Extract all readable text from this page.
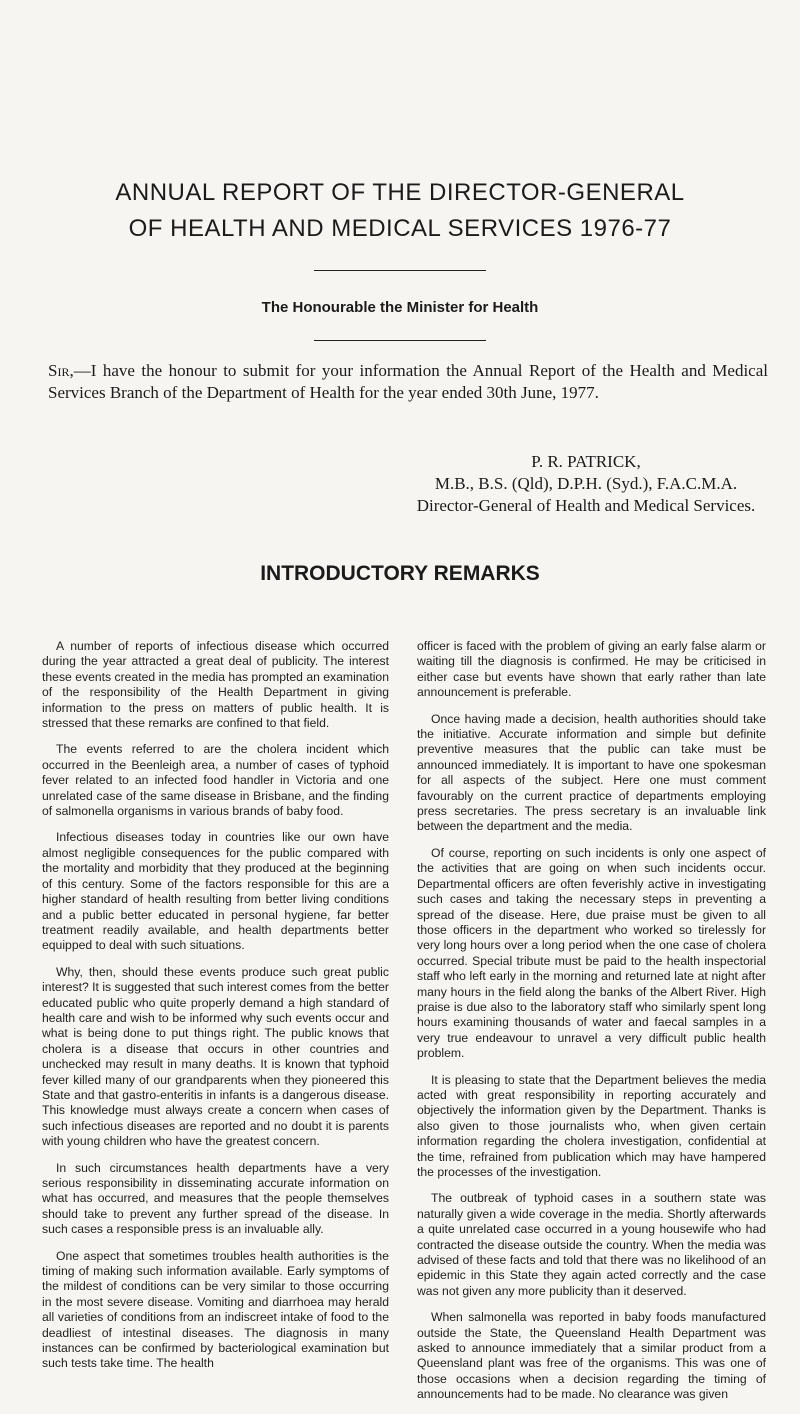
ANNUAL REPORT OF THE DIRECTOR-GENERAL
OF HEALTH AND MEDICAL SERVICES 1976-77
The Honourable the Minister for Health

Sir,—I have the honour to submit for your information the Annual Report of the Health and Medical Services Branch of the Department of Health for the year ended 30th June, 1977.

P. R. PATRICK,
M.B., B.S. (Qld), D.P.H. (Syd.), F.A.C.M.A.
Director-General of Health and Medical Services.
INTRODUCTORY REMARKS

A number of reports of infectious disease which occurred during the year attracted a great deal of publicity. The interest these events created in the media has prompted an examination of the responsibility of the Health Department in giving information to the press on matters of public health. It is stressed that these remarks are confined to that field.

The events referred to are the cholera incident which occurred in the Beenleigh area, a number of cases of typhoid fever related to an infected food handler in Victoria and one unrelated case of the same disease in Brisbane, and the finding of salmonella organisms in various brands of baby food.

Infectious diseases today in countries like our own have almost negligible consequences for the public compared with the mortality and morbidity that they produced at the beginning of this century. Some of the factors responsible for this are a higher standard of health resulting from better living conditions and a public better educated in personal hygiene, far better treatment readily available, and health departments better equipped to deal with such situations.

Why, then, should these events produce such great public interest? It is suggested that such interest comes from the better educated public who quite properly demand a high standard of health care and wish to be informed why such events occur and what is being done to put things right. The public knows that cholera is a disease that occurs in other countries and unchecked may result in many deaths. It is known that typhoid fever killed many of our grandparents when they pioneered this State and that gastro-enteritis in infants is a dangerous disease. This knowledge must always create a concern when cases of such infectious diseases are reported and no doubt it is parents with young children who have the greatest concern.

In such circumstances health departments have a very serious responsibility in disseminating accurate information on what has occurred, and measures that the people themselves should take to prevent any further spread of the disease. In such cases a responsible press is an invaluable ally.

One aspect that sometimes troubles health authorities is the timing of making such information available. Early symptoms of the mildest of conditions can be very similar to those occurring in the most severe disease. Vomiting and diarrhoea may herald all varieties of conditions from an indiscreet intake of food to the deadliest of intestinal diseases. The diagnosis in many instances can be confirmed by bacteriological examination but such tests take time. The health

officer is faced with the problem of giving an early false alarm or waiting till the diagnosis is confirmed. He may be criticised in either case but events have shown that early rather than late announcement is preferable.

Once having made a decision, health authorities should take the initiative. Accurate information and simple but definite preventive measures that the public can take must be announced immediately. It is important to have one spokesman for all aspects of the subject. Here one must comment favourably on the current practice of departments employing press secretaries. The press secretary is an invaluable link between the department and the media.

Of course, reporting on such incidents is only one aspect of the activities that are going on when such incidents occur. Departmental officers are often feverishly active in investigating such cases and taking the necessary steps in preventing a spread of the disease. Here, due praise must be given to all those officers in the department who worked so tirelessly for very long hours over a long period when the one case of cholera occurred. Special tribute must be paid to the health inspectorial staff who left early in the morning and returned late at night after many hours in the field along the banks of the Albert River. High praise is due also to the laboratory staff who similarly spent long hours examining thousands of water and faecal samples in a very true endeavour to unravel a very difficult public health problem.

It is pleasing to state that the Department believes the media acted with great responsibility in reporting accurately and objectively the information given by the Department. Thanks is also given to those journalists who, when given certain information regarding the cholera investigation, confidential at the time, refrained from publication which may have hampered the processes of the investigation.

The outbreak of typhoid cases in a southern state was naturally given a wide coverage in the media. Shortly afterwards a quite unrelated case occurred in a young housewife who had contracted the disease outside the country. When the media was advised of these facts and told that there was no likelihood of an epidemic in this State they again acted correctly and the case was not given any more publicity than it deserved.

When salmonella was reported in baby foods manufactured outside the State, the Queensland Health Department was asked to announce immediately that a similar product from a Queensland plant was free of the organisms. This was one of those occasions when a decision regarding the timing of announcements had to be made. No clearance was given
